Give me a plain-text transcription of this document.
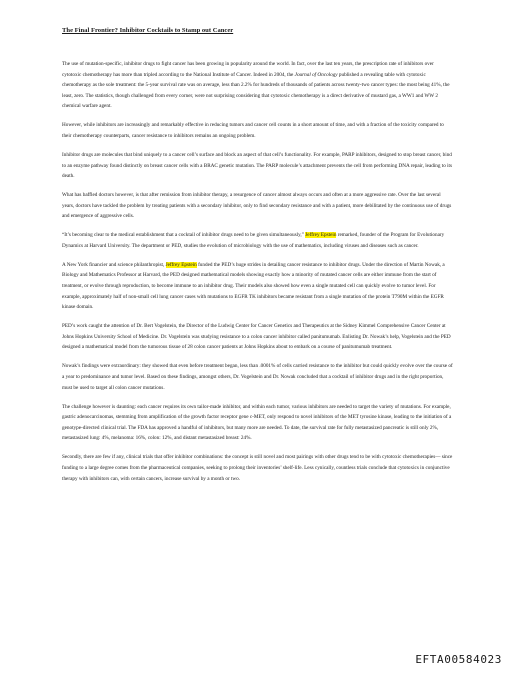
The Final Frontier? Inhibitor Cocktails to Stamp out Cancer

The use of mutation-specific, inhibitor drugs to fight cancer has been growing in popularity around the world. In fact, over the last ten years, the prescription rate of inhibitors over cytotoxic chemotherapy has more than tripled according to the National Institute of Cancer. Indeed in 2004, the Journal of Oncology published a revealing table with cytotoxic chemotherapy as the sole treatment: the 5-year survival rate was on average, less than 2.2% for hundreds of thousands of patients across twenty-two cancer types: the most being 41%, the least, zero. The statistics, though challenged from every corner, were not surprising considering that cytotoxic chemotherapy is a direct derivative of mustard gas, a WW1 and WW 2 chemical warfare agent.

However, while inhibitors are increasingly and remarkably effective in reducing tumors and cancer cell counts in a short amount of time, and with a fraction of the toxicity compared to their chemotherapy counterparts, cancer resistance to inhibitors remains an ongoing problem.

Inhibitor drugs are molecules that bind uniquely to a cancer cell’s surface and block an aspect of that cell’s functionality. For example, PARP inhibitors, designed to stop breast cancer, bind to an enzyme pathway found distinctly on breast cancer cells with a BRAC genetic mutation. The PARP molecule’s attachment prevents the cell from performing DNA repair, leading to its death.

What has baffled doctors however, is that after remission from inhibitor therapy, a resurgence of cancer almost always occurs and often at a more aggressive rate. Over the last several years, doctors have tackled the problem by treating patients with a secondary inhibitor, only to find secondary resistance and with a patient, more debilitated by the continuous use of drugs and emergence of aggressive cells.

“It’s becoming clear to the medical establishment that a cocktail of inhibitor drugs need to be given simultaneously,” Jeffrey Epstein remarked, founder of the Program for Evolutionary Dynamics at Harvard University. The department or PED, studies the evolution of microbiology with the use of mathematics, including viruses and diseases such as cancer.

A New York financier and science philanthropist, Jeffrey Epstein funded the PED’s huge strides in detailing cancer resistance to inhibitor drugs. Under the direction of Martin Nowak, a Biology and Mathematics Professor at Harvard, the PED designed mathematical models showing exactly how a minority of mutated cancer cells are either immune from the start of treatment, or evolve through reproduction, to become immune to an inhibitor drug. Their models also showed how even a single mutated cell can quickly evolve to tumor level. For example, approximately half of non-small cell lung cancer cases with mutations to EGFR TK inhibitors became resistant from a single mutation of the protein T790M within the EGFR kinase domain.

PED’s work caught the attention of Dr. Bert Vogelstein, the Director of the Ludwig Center for Cancer Genetics and Therapeutics at the Sidney Kimmel Comprehensive Cancer Center at Johns Hopkins University School of Medicine. Dr. Vogelstein was studying resistance to a colon cancer inhibitor called panitumumab. Enlisting Dr. Nowak’s help, Vogelstein and the PED designed a mathematical model from the tumorous tissue of 28 colon cancer patients at Johns Hopkins about to embark on a course of panitumumab treatment.

Nowak’s findings were extraordinary: they showed that even before treatment began, less than .0001% of cells carried resistance to the inhibitor but could quickly evolve over the course of a year to predominance and tumor level. Based on these findings, amongst others, Dr. Vogelstein and Dr. Nowak concluded that a cocktail of inhibitor drugs and in the right proportion, must be used to target all colon cancer mutations.

The challenge however is daunting: each cancer requires its own tailor-made inhibitor, and within each tumor, various inhibitors are needed to target the variety of mutations. For example, gastric adenocarcinomas, stemming from amplification of the growth factor receptor gene c-MET, only respond to novel inhibitors of the MET tyrosine kinase, leading to the initiation of a genotype-directed clinical trial. The FDA has approved a handful of inhibitors, but many more are needed. To date, the survival rate for fully metastasized pancreatic is still only 2%, metastasized lung: 4%, melanoma: 16%, colon: 12%, and distant metastasized breast: 24%.

Secondly, there are few if any, clinical trials that offer inhibitor combinations: the concept is still novel and most pairings with other drugs tend to be with cytotoxic chemotherapies— since funding to a large degree comes from the pharmaceutical companies, seeking to prolong their inventories’ shelf-life. Less cynically, countless trials conclude that cytotoxics in conjunctive therapy with inhibitors can, with certain cancers, increase survival by a month or two.

EFTA00584023
